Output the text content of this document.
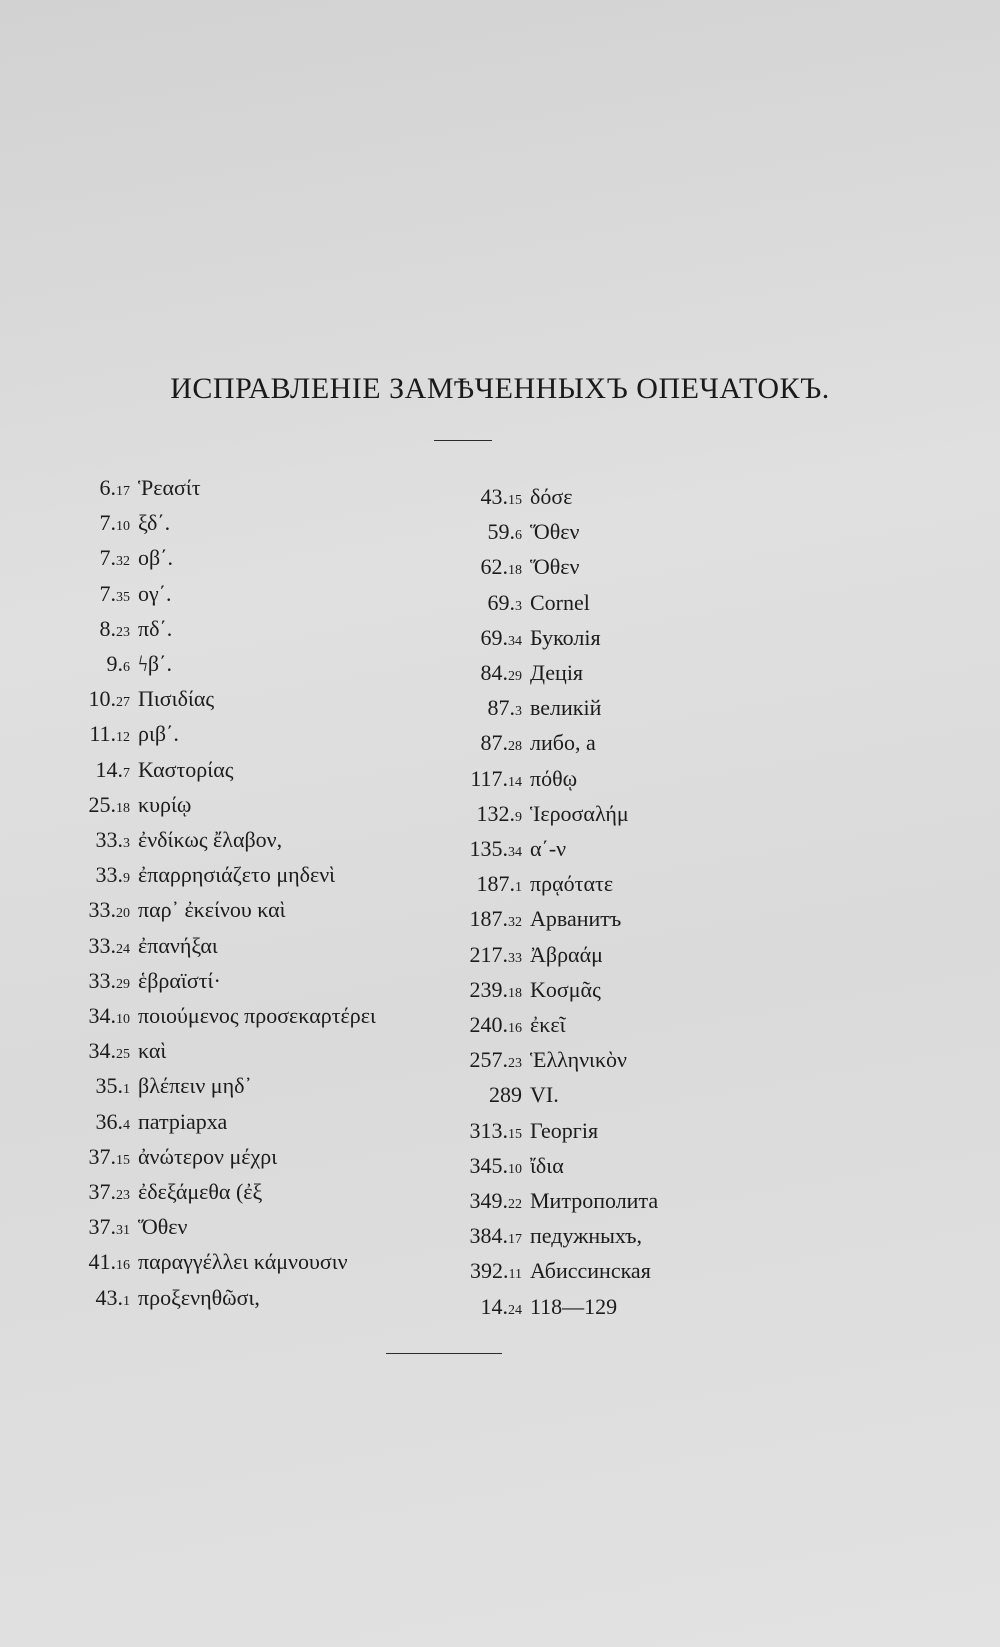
ИСПРАВЛЕНІЕ ЗАМѢЧЕННЫХЪ ОПЕЧАТОКЪ.
6.17 Ῥεασίτ
7.10 ξδ΄.
7.32 οβ΄.
7.35 ογ΄.
8.23 πδ΄.
9.6 ϟβ΄.
10.27 Πισιδίας
11.12 ριβ΄.
14.7 Καστορίας
25.18 κυρίῳ
33.3 ἐνδίκως ἔλαβον,
33.9 ἐπαρρησιάζετο μηδενὶ
33.20 παρ᾽ ἐκείνου καὶ
33.24 ἐπανήξαι
33.29 ἑβραϊστί·
34.10 ποιούμενος προσεκαρτέρει
34.25 καὶ
35.1 βλέπειν μηδ᾽
36.4 патріарха
37.15 ἀνώτερον μέχρι
37.23 ἐδεξάμεθα (ἐξ
37.31 Ὅθεν
41.16 παραγγέλλει κάμνουσιν
43.1 προξενηθῶσι,
43.15 δόσε
59.6 Ὅθεν
62.18 Ὅθεν
69.3 Cornel
69.34 Буколія
84.29 Деція
87.3 великій
87.28 либо, а
117.14 πόθῳ
132.9 Ἱεροσαλήμ
135.34 α΄-ν
187.1 πρᾳότατε
187.32 Арванитъ
217.33 Ἀβραάμ
239.18 Κοσμᾶς
240.16 ἐκεῖ
257.23 Ἑλληνικὸν
289 VI.
313.15 Георгія
345.10 ἴδια
349.22 Митрополита
384.17 педужныхъ,
392.11 Абиссинская
14.24 118—129
